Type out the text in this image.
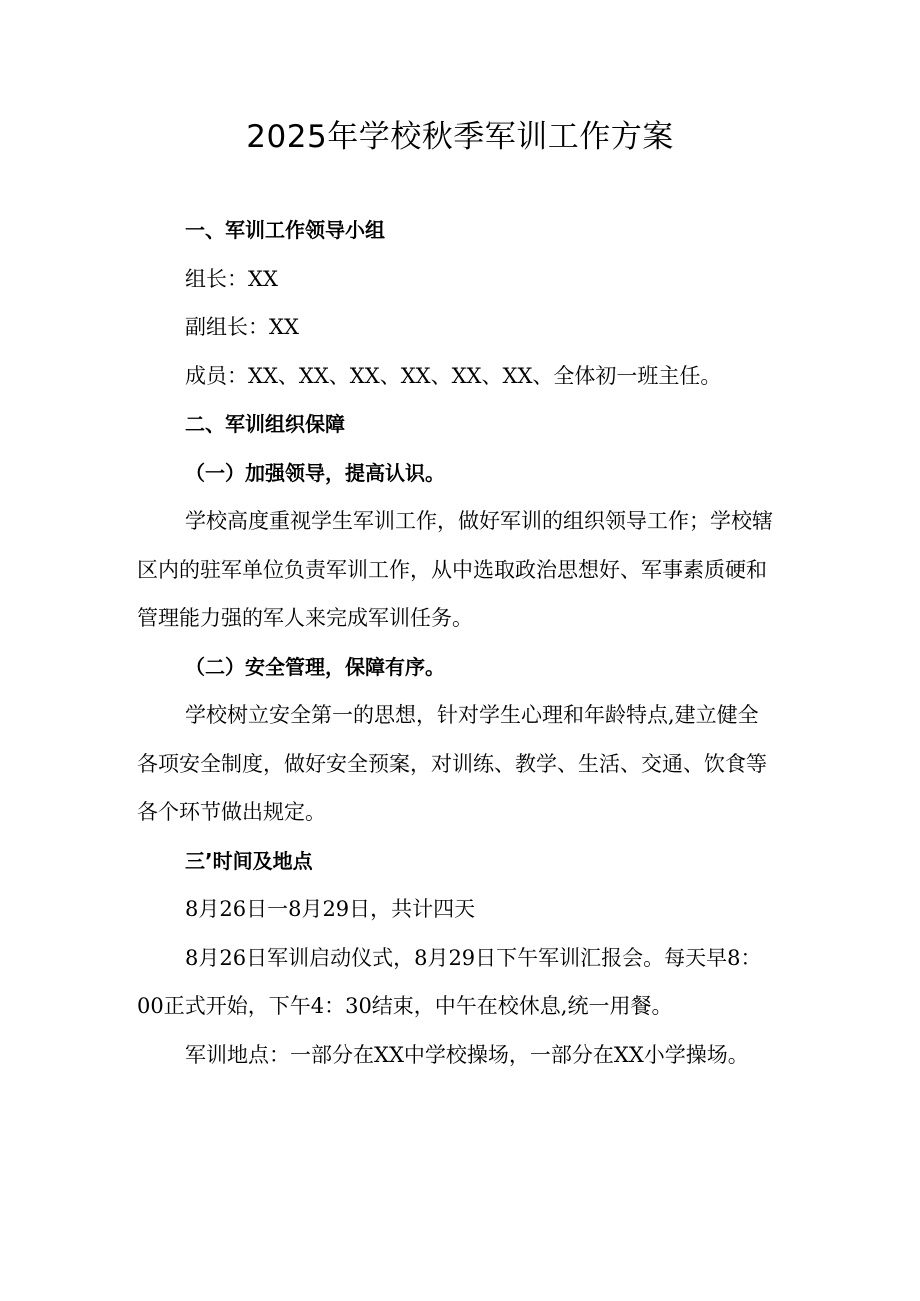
2025年学校秋季军训工作方案

一、军训工作领导小组

组长：XX

副组长：XX

成员：XX、XX、XX、XX、XX、XX、全体初一班主任。

二、军训组织保障

（一）加强领导，提高认识。

学校高度重视学生军训工作，做好军训的组织领导工作；学校辖

区内的驻军单位负责军训工作，从中选取政治思想好、军事素质硬和

管理能力强的军人来完成军训任务。

（二）安全管理，保障有序。

学校树立安全第一的思想，针对学生心理和年龄特点,建立健全

各项安全制度，做好安全预案，对训练、教学、生活、交通、饮食等

各个环节做出规定。

三’时间及地点

8月26日一8月29日，共计四天

8月26日军训启动仪式，8月29日下午军训汇报会。每天早8：

00正式开始，下午4：30结束，中午在校休息,统一用餐。

军训地点：一部分在XX中学校操场，一部分在XX小学操场。
